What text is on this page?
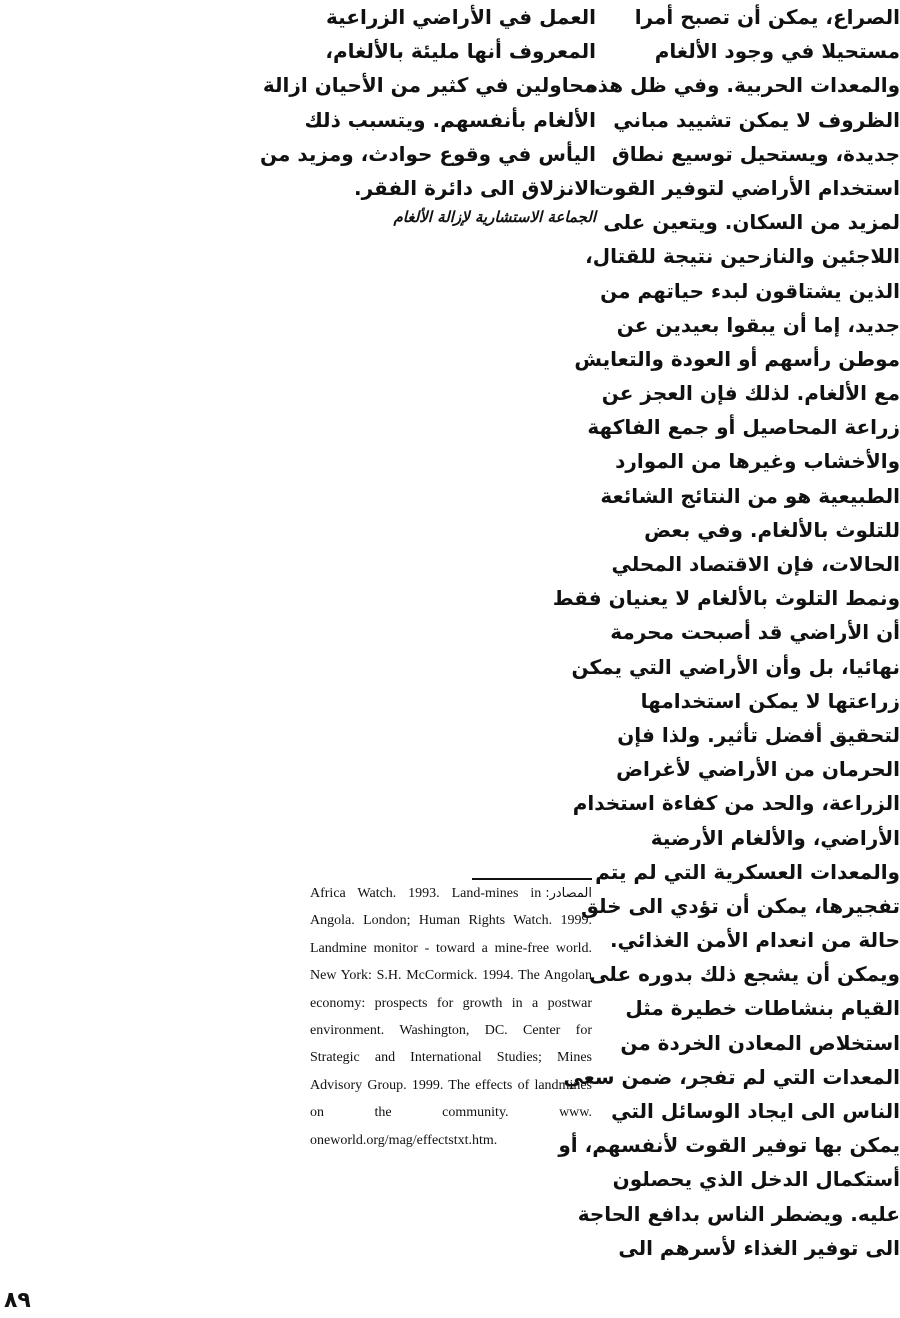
الصراع، يمكن أن تصبح أمرا
مستحيلا في وجود الألغام
والمعدات الحربية. وفي ظل هذه
الظروف لا يمكن تشييد مباني
جديدة، ويستحيل توسيع نطاق
استخدام الأراضي لتوفير القوت
لمزيد من السكان. ويتعين على
اللاجئين والنازحين نتيجة للقتال،
الذين يشتاقون لبدء حياتهم من
جديد، إما أن يبقوا بعيدين عن
موطن رأسهم أو العودة والتعايش
مع الألغام. لذلك فإن العجز عن
زراعة المحاصيل أو جمع الفاكهة
والأخشاب وغيرها من الموارد
الطبيعية هو من النتائج الشائعة
للتلوث بالألغام. وفي بعض
الحالات، فإن الاقتصاد المحلي
ونمط التلوث بالألغام لا يعنيان فقط
أن الأراضي قد أصبحت محرمة
نهائيا، بل وأن الأراضي التي يمكن
زراعتها لا يمكن استخدامها
لتحقيق أفضل تأثير. ولذا فإن
الحرمان من الأراضي لأغراض
الزراعة، والحد من كفاءة استخدام
الأراضي، والألغام الأرضية
والمعدات العسكرية التي لم يتم
تفجيرها، يمكن أن تؤدي الى خلق
حالة من انعدام الأمن الغذائي.
ويمكن أن يشجع ذلك بدوره على
القيام بنشاطات خطيرة مثل
استخلاص المعادن الخردة من
المعدات التي لم تفجر، ضمن سعي
الناس الى ايجاد الوسائل التي
يمكن بها توفير القوت لأنفسهم، أو
أستكمال الدخل الذي يحصلون
عليه. ويضطر الناس بدافع الحاجة
الى توفير الغذاء لأسرهم الى
العمل في الأراضي الزراعية
المعروف أنها مليئة بالألغام،
محاولين في كثير من الأحيان ازالة
الألغام بأنفسهم. ويتسبب ذلك
اليأس في وقوع حوادث، ومزيد من
الانزلاق الى دائرة الفقر.
الجماعة الاستشارية لإزالة الألغام
المصادر:
Africa Watch. 1993. Land-mines in Angola. London; Human Rights Watch. 1999. Landmine monitor - toward a mine-free world. New York: S.H. McCormick. 1994. The Angolan economy: prospects for growth in a postwar environment. Washington, DC. Center for Strategic and International Studies; Mines Advisory Group. 1999. The effects of landmines on the community. www. oneworld.org/mag/effectstxt.htm.
٨٩
